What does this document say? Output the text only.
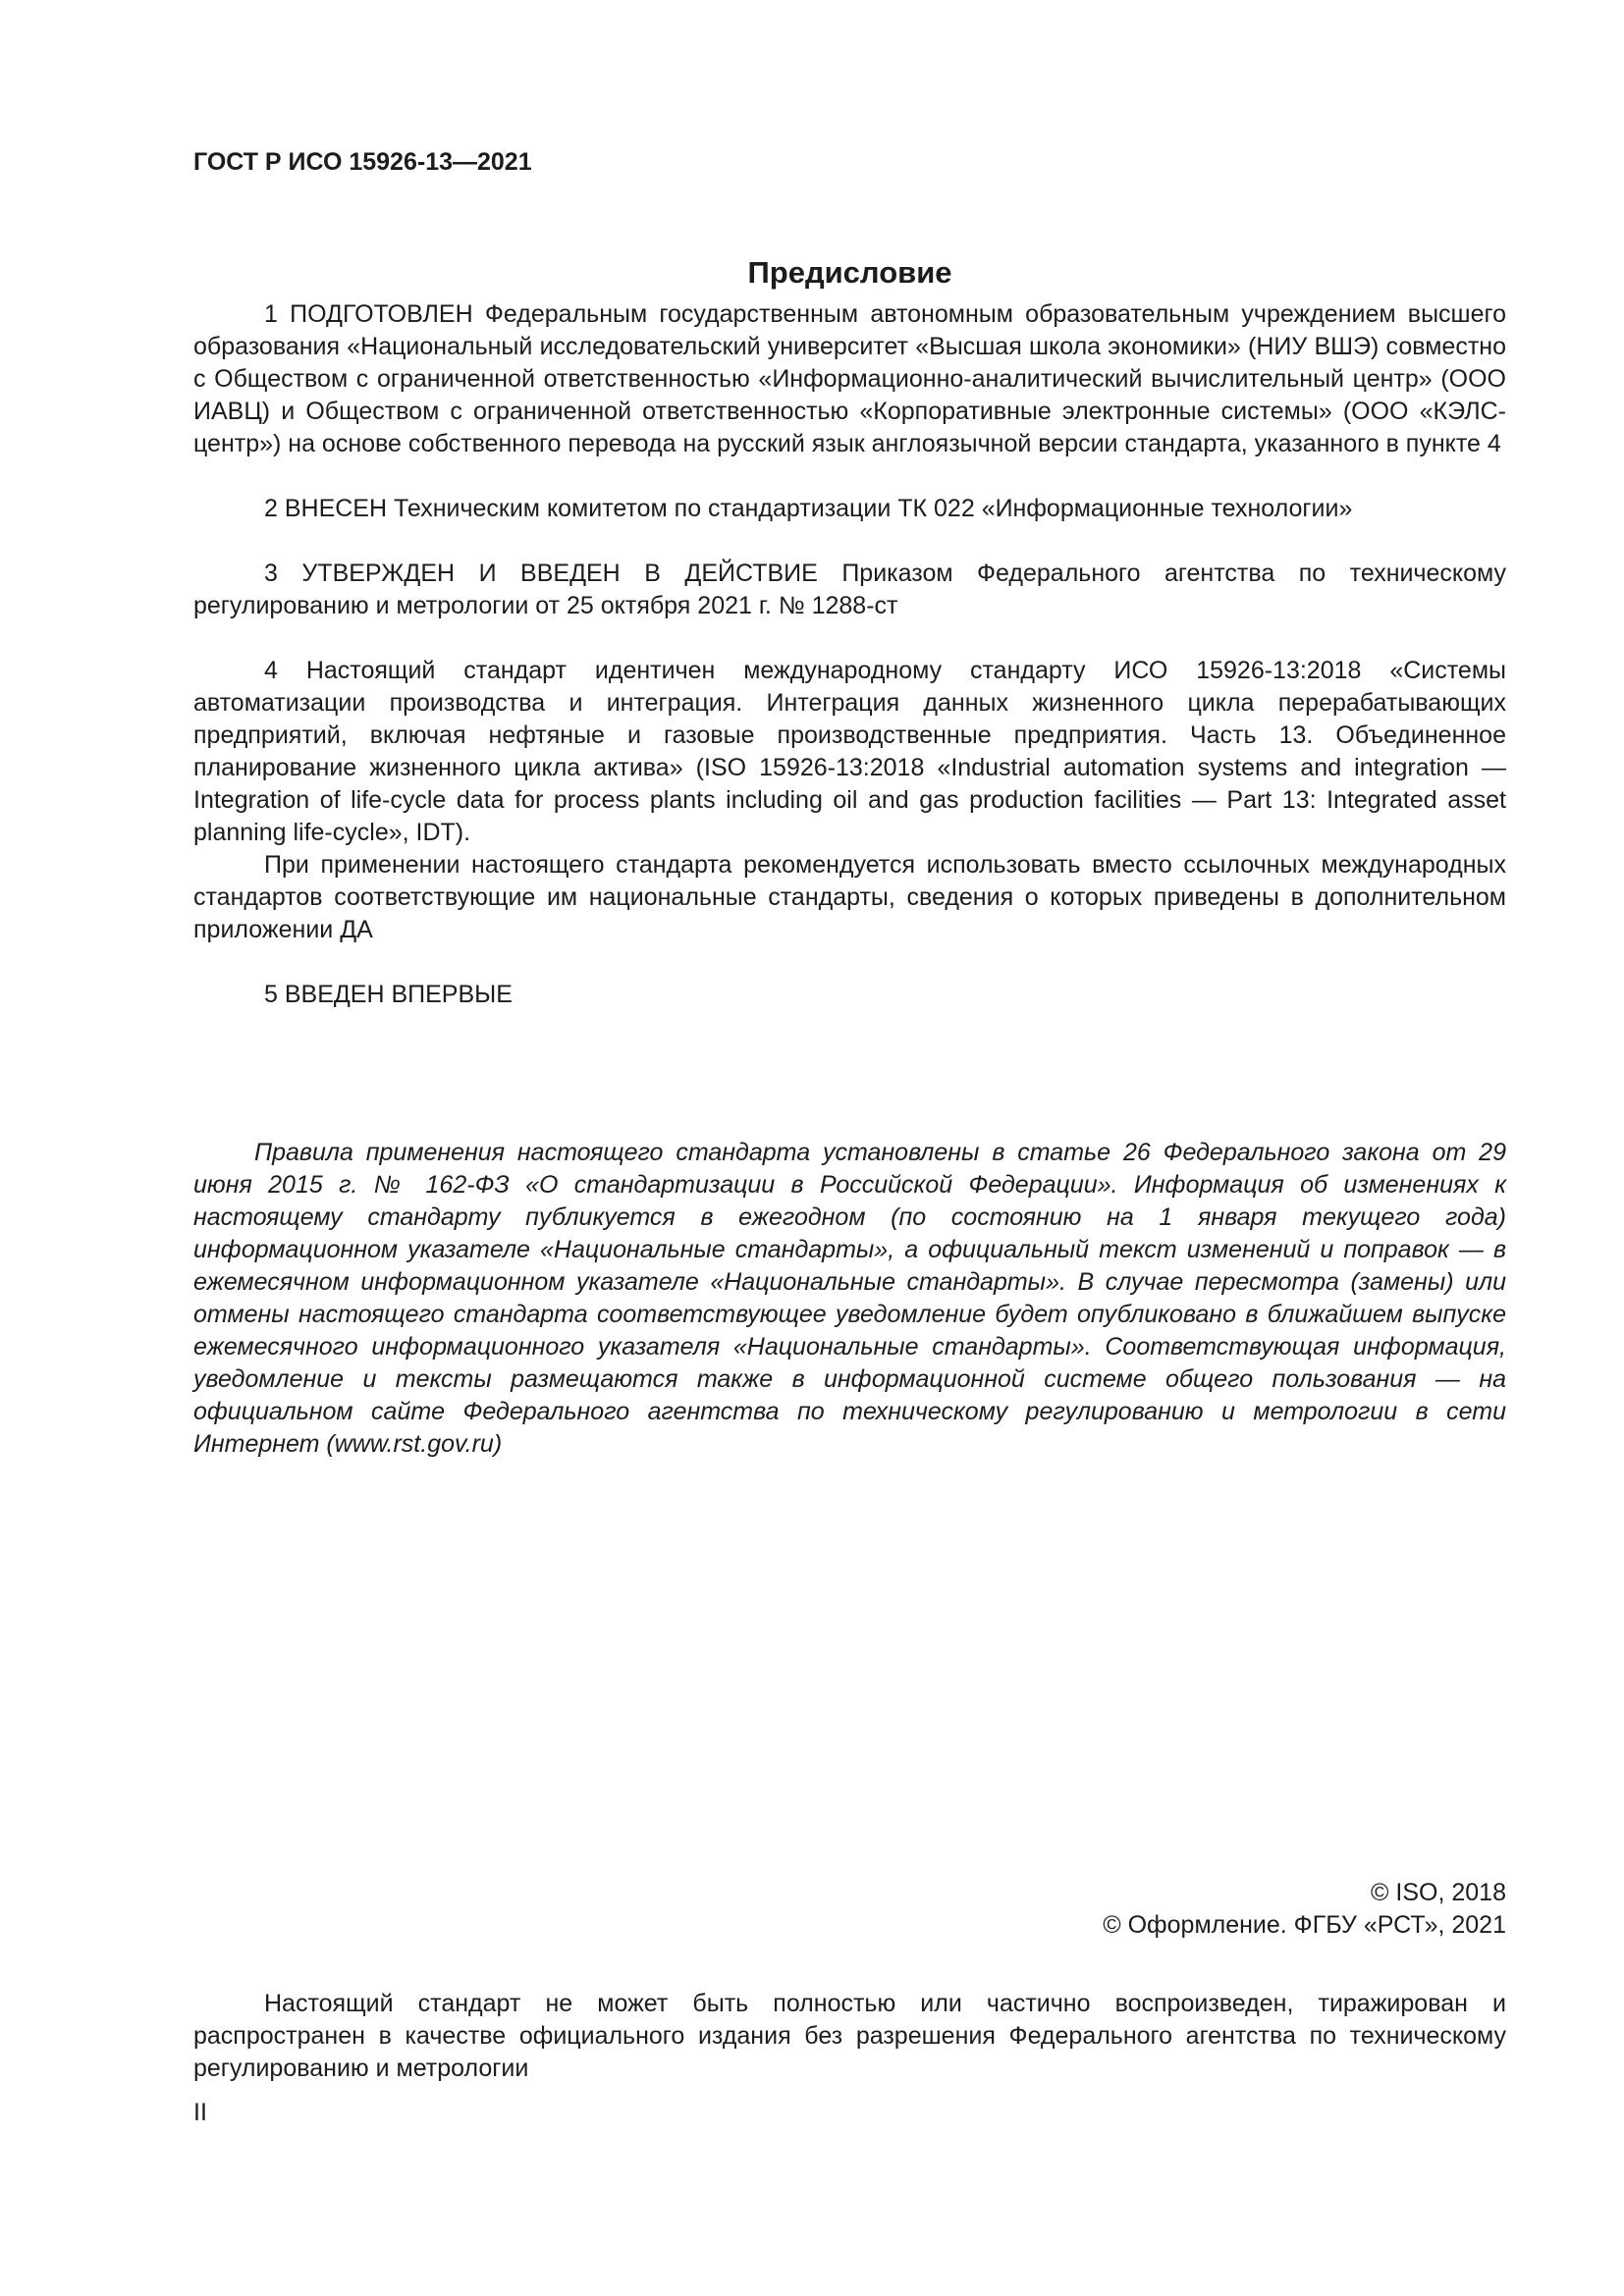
ГОСТ Р ИСО 15926-13—2021
Предисловие

1 ПОДГОТОВЛЕН Федеральным государственным автономным образовательным учреждением высшего образования «Национальный исследовательский университет «Высшая школа экономики» (НИУ ВШЭ) совместно с Обществом с ограниченной ответственностью «Информационно-аналитический вычислительный центр» (ООО ИАВЦ) и Обществом с ограниченной ответственностью «Корпоративные электронные системы» (ООО «КЭЛС-центр») на основе собственного перевода на русский язык англоязычной версии стандарта, указанного в пункте 4

2 ВНЕСЕН Техническим комитетом по стандартизации ТК 022 «Информационные технологии»

3 УТВЕРЖДЕН И ВВЕДЕН В ДЕЙСТВИЕ Приказом Федерального агентства по техническому регулированию и метрологии от 25 октября 2021 г. № 1288-ст

4 Настоящий стандарт идентичен международному стандарту ИСО 15926-13:2018 «Системы автоматизации производства и интеграция. Интеграция данных жизненного цикла перерабатывающих предприятий, включая нефтяные и газовые производственные предприятия. Часть 13. Объединенное планирование жизненного цикла актива» (ISO 15926-13:2018 «Industrial automation systems and integration — Integration of life-cycle data for process plants including oil and gas production facilities — Part 13: Integrated asset planning life-cycle», IDT).

При применении настоящего стандарта рекомендуется использовать вместо ссылочных международных стандартов соответствующие им национальные стандарты, сведения о которых приведены в дополнительном приложении ДА

5 ВВЕДЕН ВПЕРВЫЕ

Правила применения настоящего стандарта установлены в статье 26 Федерального закона от 29 июня 2015 г. № 162-ФЗ «О стандартизации в Российской Федерации». Информация об изменениях к настоящему стандарту публикуется в ежегодном (по состоянию на 1 января текущего года) информационном указателе «Национальные стандарты», а официальный текст изменений и поправок — в ежемесячном информационном указателе «Национальные стандарты». В случае пересмотра (замены) или отмены настоящего стандарта соответствующее уведомление будет опубликовано в ближайшем выпуске ежемесячного информационного указателя «Национальные стандарты». Соответствующая информация, уведомление и тексты размещаются также в информационной системе общего пользования — на официальном сайте Федерального агентства по техническому регулированию и метрологии в сети Интернет (www.rst.gov.ru)

© ISO, 2018
© Оформление. ФГБУ «РСТ», 2021

Настоящий стандарт не может быть полностью или частично воспроизведен, тиражирован и распространен в качестве официального издания без разрешения Федерального агентства по техническому регулированию и метрологии

II
